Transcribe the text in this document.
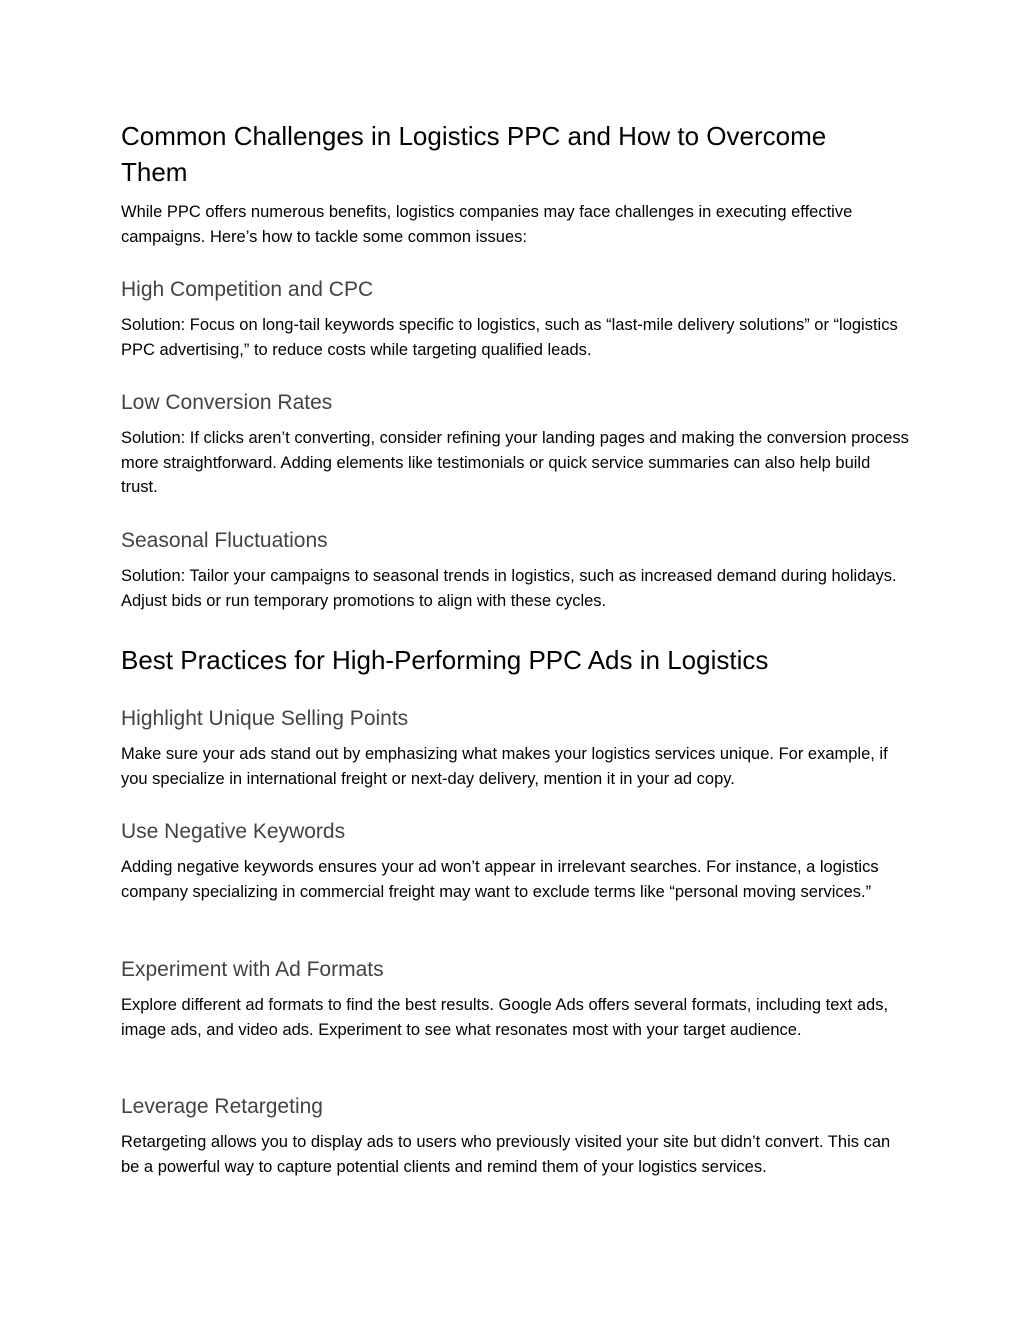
Common Challenges in Logistics PPC and How to Overcome Them

While PPC offers numerous benefits, logistics companies may face challenges in executing effective campaigns. Here’s how to tackle some common issues:

High Competition and CPC

Solution: Focus on long-tail keywords specific to logistics, such as “last-mile delivery solutions” or “logistics PPC advertising,” to reduce costs while targeting qualified leads.

Low Conversion Rates

Solution: If clicks aren’t converting, consider refining your landing pages and making the conversion process more straightforward. Adding elements like testimonials or quick service summaries can also help build trust.

Seasonal Fluctuations

Solution: Tailor your campaigns to seasonal trends in logistics, such as increased demand during holidays. Adjust bids or run temporary promotions to align with these cycles.

Best Practices for High-Performing PPC Ads in Logistics
Highlight Unique Selling Points

Make sure your ads stand out by emphasizing what makes your logistics services unique. For example, if you specialize in international freight or next-day delivery, mention it in your ad copy.

Use Negative Keywords

Adding negative keywords ensures your ad won’t appear in irrelevant searches. For instance, a logistics company specializing in commercial freight may want to exclude terms like “personal moving services.”

Experiment with Ad Formats

Explore different ad formats to find the best results. Google Ads offers several formats, including text ads, image ads, and video ads. Experiment to see what resonates most with your target audience.

Leverage Retargeting

Retargeting allows you to display ads to users who previously visited your site but didn’t convert. This can be a powerful way to capture potential clients and remind them of your logistics services.
